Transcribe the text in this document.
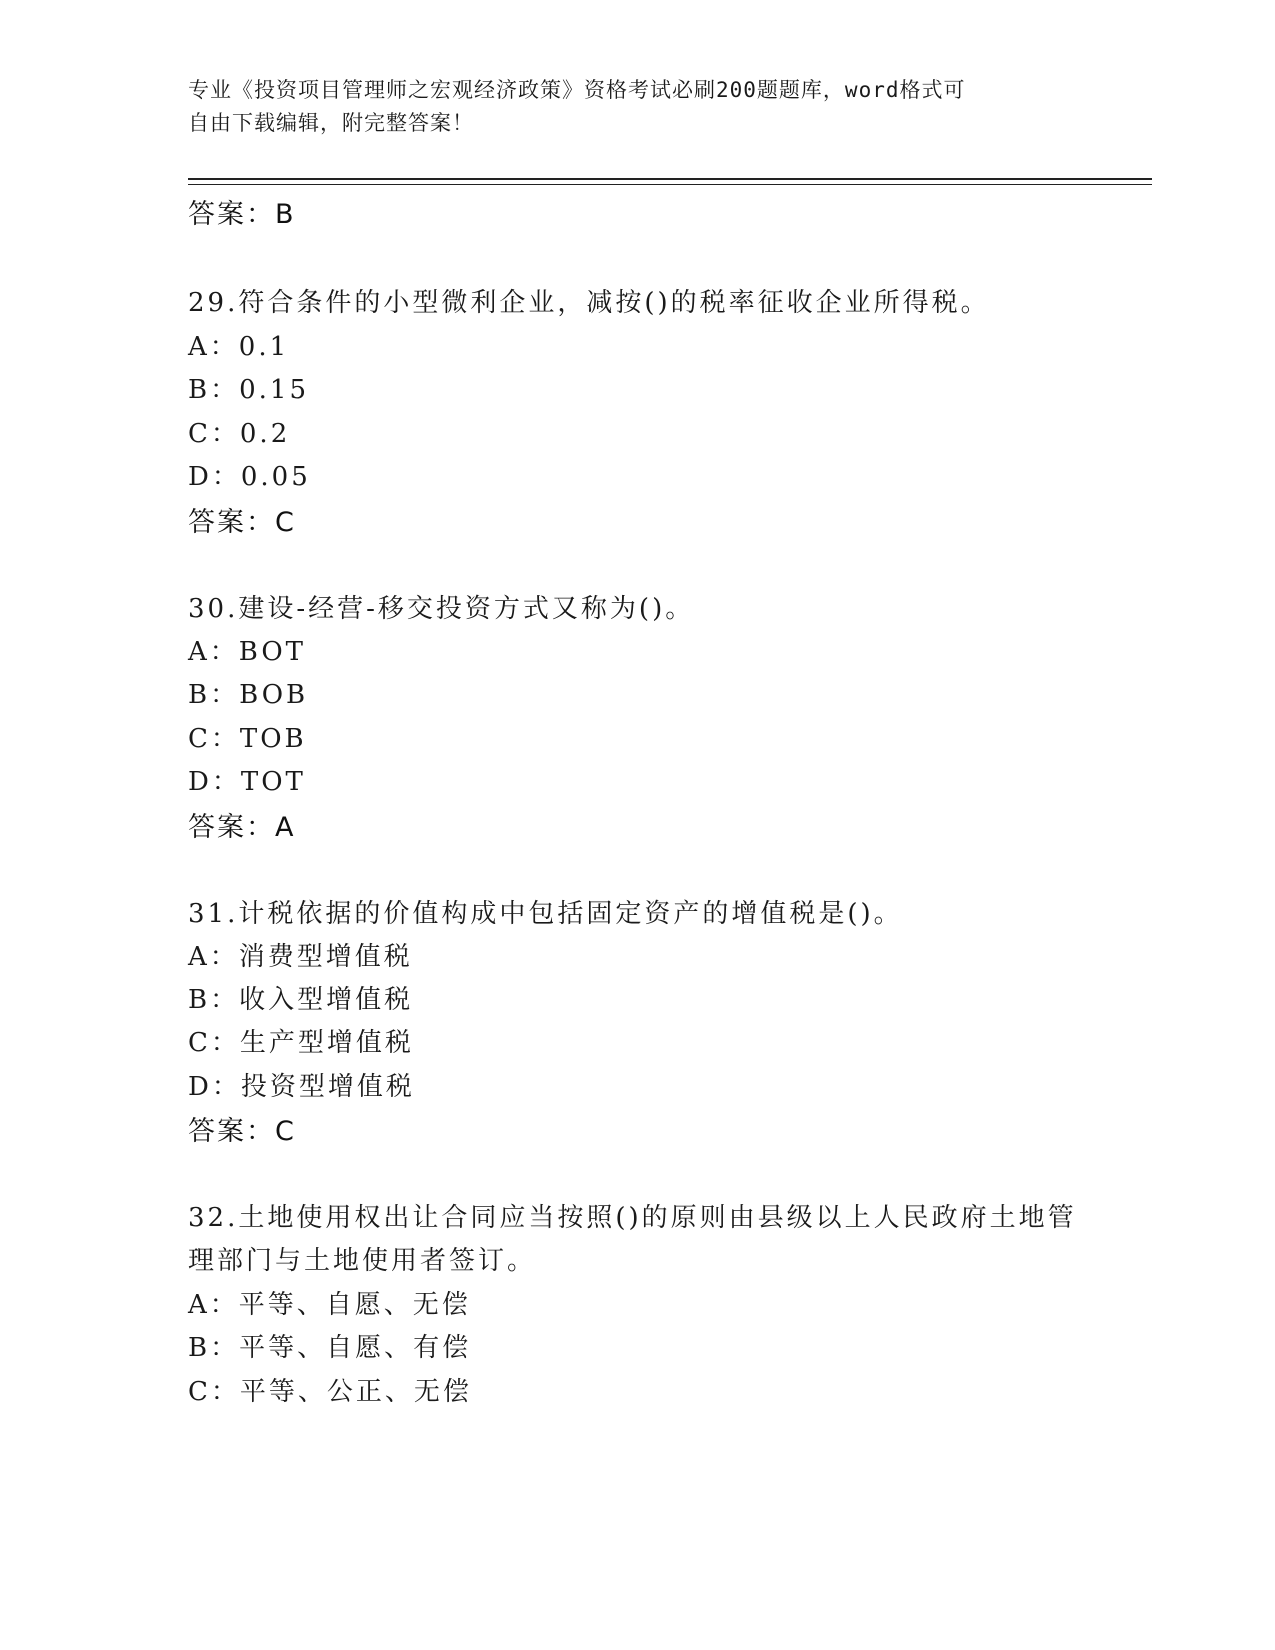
专业《投资项目管理师之宏观经济政策》资格考试必刷200题题库，word格式可
自由下载编辑，附完整答案！
答案：B
29.符合条件的小型微利企业，减按()的税率征收企业所得税。
A：0.1
B：0.15
C：0.2
D：0.05
答案：C
30.建设-经营-移交投资方式又称为()。
A：BOT
B：BOB
C：TOB
D：TOT
答案：A
31.计税依据的价值构成中包括固定资产的增值税是()。
A：消费型增值税
B：收入型增值税
C：生产型增值税
D：投资型增值税
答案：C
32.土地使用权出让合同应当按照()的原则由县级以上人民政府土地管
理部门与土地使用者签订。
A：平等、自愿、无偿
B：平等、自愿、有偿
C：平等、公正、无偿
